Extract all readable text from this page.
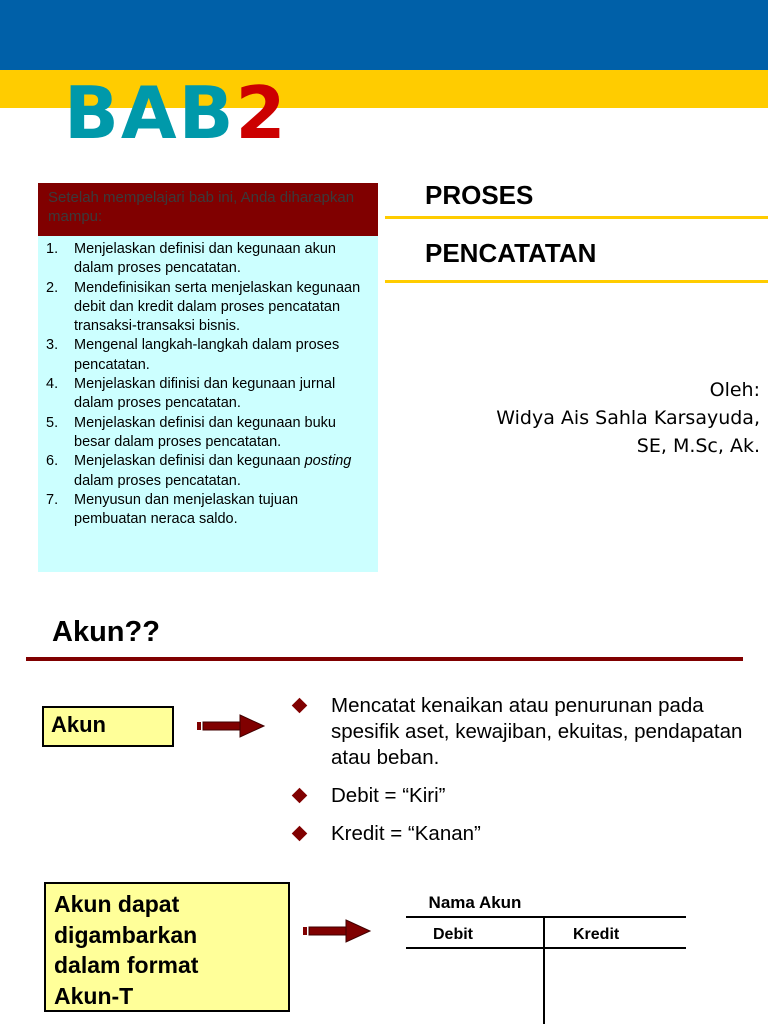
BAB2
Setelah mempelajari bab ini, Anda diharapkan mampu:
1. Menjelaskan definisi dan kegunaan akun dalam proses pencatatan.
2. Mendefinisikan serta menjelaskan kegunaan debit dan kredit dalam proses pencatatan transaksi-transaksi bisnis.
3. Mengenal langkah-langkah dalam proses pencatatan.
4. Menjelaskan difinisi dan kegunaan jurnal dalam proses pencatatan.
5. Menjelaskan definisi dan kegunaan buku besar dalam proses pencatatan.
6. Menjelaskan definisi dan kegunaan posting dalam proses pencatatan.
7. Menyusun dan menjelaskan tujuan pembuatan neraca saldo.
PROSES
PENCATATAN
Oleh:
Widya Ais Sahla Karsayuda,
SE, M.Sc, Ak.
Akun??
Akun
Mencatat kenaikan atau penurunan pada spesifik aset, kewajiban, ekuitas, pendapatan atau beban.
Debit = “Kiri”
Kredit = “Kanan”
Akun dapat
digambarkan
dalam format
Akun-T
Nama Akun
Debit	Kredit
